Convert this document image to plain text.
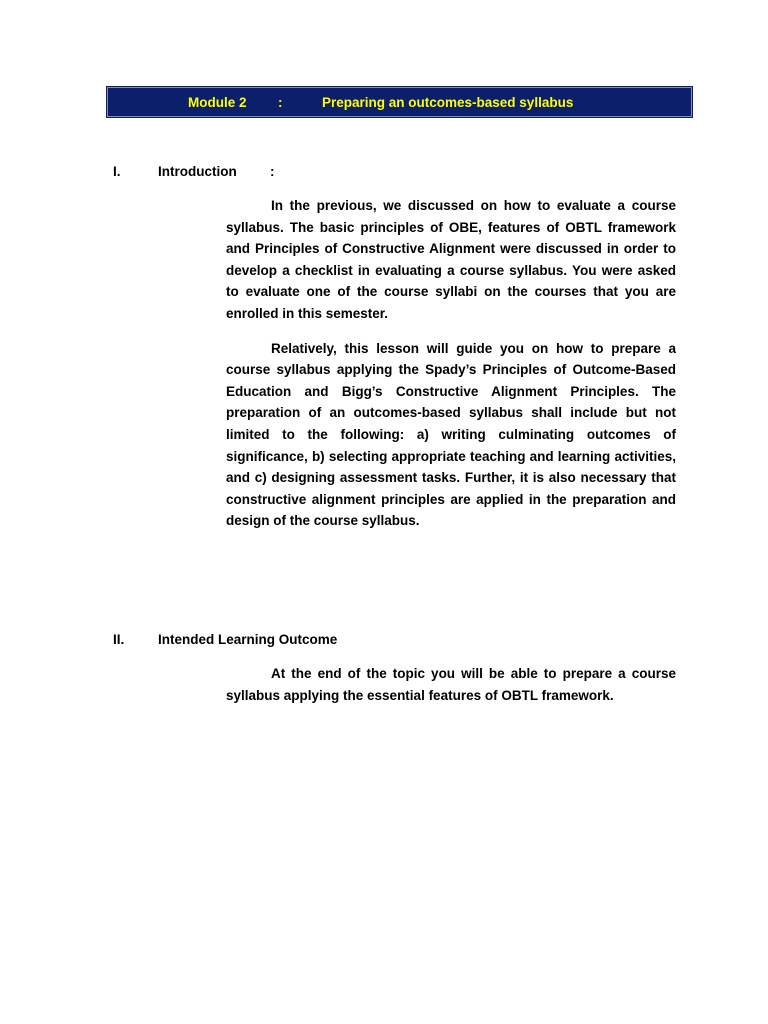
Module 2 :	Preparing an outcomes-based syllabus
I.	Introduction :

In the previous, we discussed on how to evaluate a course syllabus. The basic principles of OBE, features of OBTL framework and Principles of Constructive Alignment were discussed in order to develop a checklist in evaluating a course syllabus. You were asked to evaluate one of the course syllabi on the courses that you are enrolled in this semester.

Relatively, this lesson will guide you on how to prepare a course syllabus applying the Spady’s Principles of Outcome-Based Education and Bigg’s Constructive Alignment Principles. The preparation of an outcomes-based syllabus shall include but not limited to the following: a) writing culminating outcomes of significance, b) selecting appropriate teaching and learning activities, and c) designing assessment tasks. Further, it is also necessary that constructive alignment principles are applied in the preparation and design of the course syllabus.

II. Intended Learning Outcome

At the end of the topic you will be able to prepare a course syllabus applying the essential features of OBTL framework.
